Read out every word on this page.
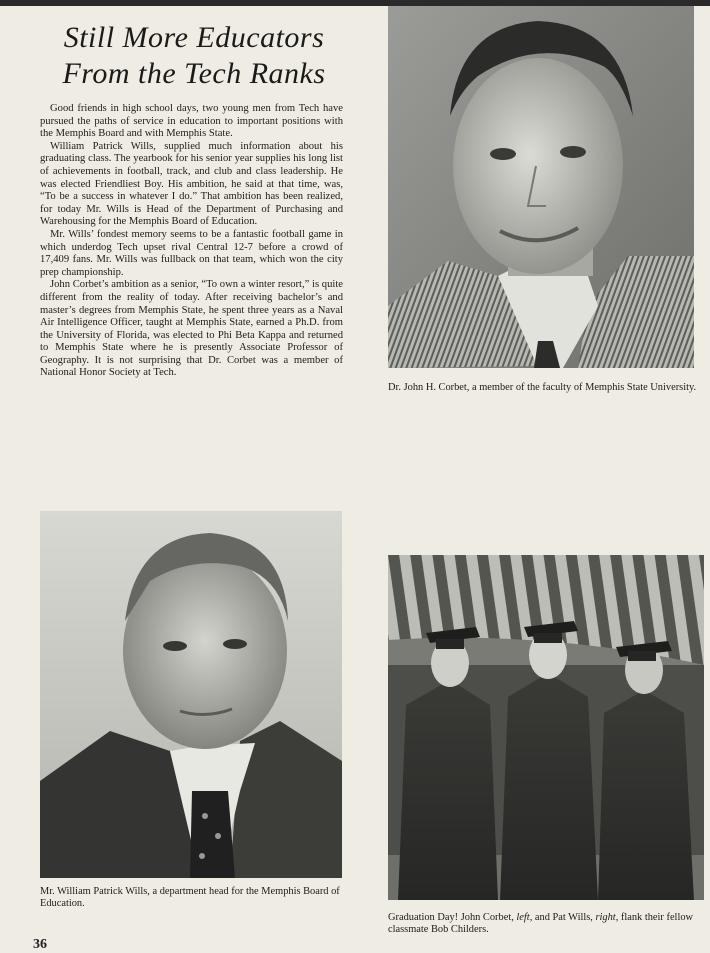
Still More Educators
From the Tech Ranks

Good friends in high school days, two young men from Tech have pursued the paths of service in education to important positions with the Memphis Board and with Memphis State.

William Patrick Wills, supplied much information about his graduating class. The yearbook for his senior year supplies his long list of achievements in football, track, and club and class leadership. He was elected Friendliest Boy. His ambition, he said at that time, was, “To be a success in whatever I do.” That ambition has been realized, for today Mr. Wills is Head of the Department of Purchasing and Warehousing for the Memphis Board of Education.

Mr. Wills’ fondest memory seems to be a fantastic football game in which underdog Tech upset rival Central 12-7 before a crowd of 17,409 fans. Mr. Wills was fullback on that team, which won the city prep championship.

John Corbet’s ambition as a senior, “To own a winter resort,” is quite different from the reality of today. After receiving bachelor’s and master’s degrees from Memphis State, he spent three years as a Naval Air Intelligence Officer, taught at Memphis State, earned a Ph.D. from the University of Florida, was elected to Phi Beta Kappa and returned to Memphis State where he is presently Associate Professor of Geography. It is not surprising that Dr. Corbet was a member of National Honor Society at Tech.

Dr. John H. Corbet, a member of the faculty of Memphis State University.
Mr. William Patrick Wills, a department head for the Memphis Board of Education.
Graduation Day! John Corbet, left, and Pat Wills, right, flank their fellow classmate Bob Childers.
36
